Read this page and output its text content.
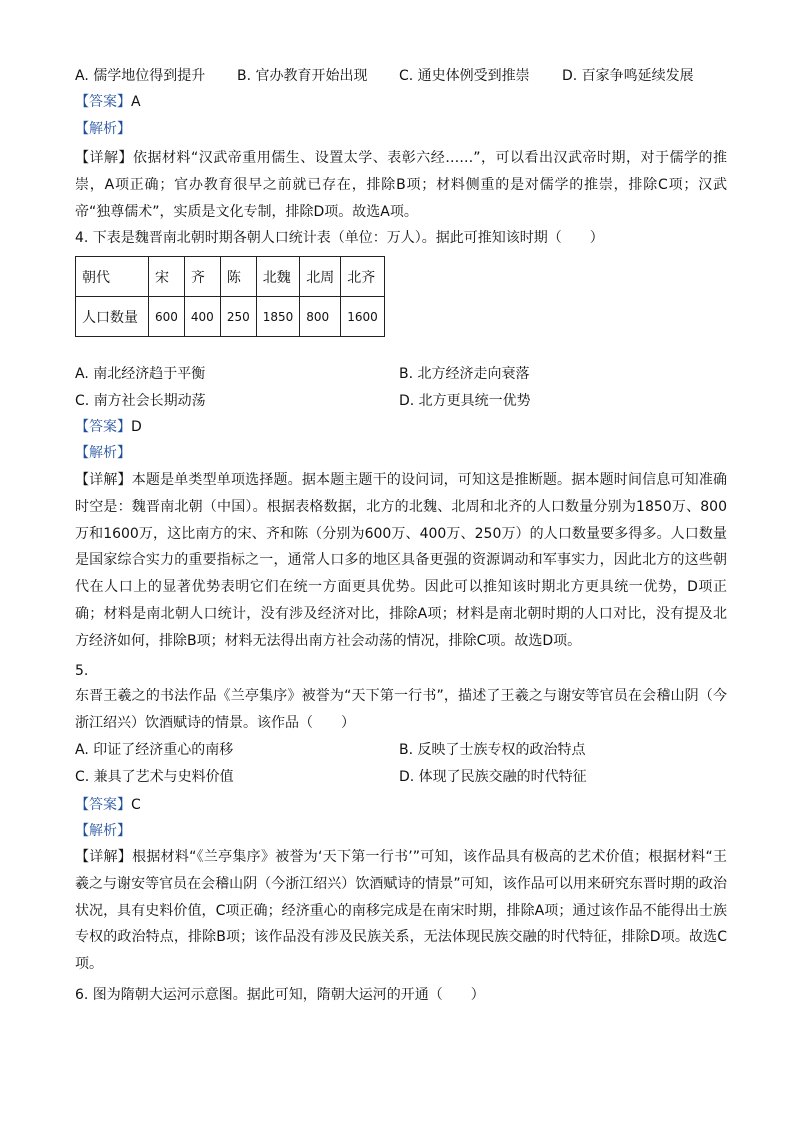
A. 儒学地位得到提升 B. 官办教育开始出现 C. 通史体例受到推崇 D. 百家争鸣延续发展
【答案】A
【解析】
【详解】依据材料“汉武帝重用儒生、设置太学、表彰六经……”，可以看出汉武帝时期，对于儒学的推崇，A项正确；官办教育很早之前就已存在，排除B项；材料侧重的是对儒学的推崇，排除C项；汉武帝“独尊儒术”，实质是文化专制，排除D项。故选A项。
4. 下表是魏晋南北朝时期各朝人口统计表（单位：万人）。据此可推知该时期（　　）
朝代	宋	齐	陈	北魏	北周	北齐
人口数量	600	400	250	1850	800	1600
A. 南北经济趋于平衡	B. 北方经济走向衰落
C. 南方社会长期动荡	D. 北方更具统一优势
【答案】D
【解析】
【详解】本题是单类型单项选择题。据本题主题干的设问词，可知这是推断题。据本题时间信息可知准确时空是：魏晋南北朝（中国）。根据表格数据，北方的北魏、北周和北齐的人口数量分别为1850万、800万和1600万，这比南方的宋、齐和陈（分别为600万、400万、250万）的人口数量要多得多。人口数量是国家综合实力的重要指标之一，通常人口多的地区具备更强的资源调动和军事实力，因此北方的这些朝代在人口上的显著优势表明它们在统一方面更具优势。因此可以推知该时期北方更具统一优势，D项正确；材料是南北朝人口统计，没有涉及经济对比，排除A项；材料是南北朝时期的人口对比，没有提及北方经济如何，排除B项；材料无法得出南方社会动荡的情况，排除C项。故选D项。
5.
东晋王羲之的书法作品《兰亭集序》被誉为“天下第一行书”，描述了王羲之与谢安等官员在会稽山阴（今浙江绍兴）饮酒赋诗的情景。该作品（　　）
A. 印证了经济重心的南移	B. 反映了士族专权的政治特点
C. 兼具了艺术与史料价值	D. 体现了民族交融的时代特征
【答案】C
【解析】
【详解】根据材料“《兰亭集序》被誉为‘天下第一行书’”可知，该作品具有极高的艺术价值；根据材料“王羲之与谢安等官员在会稽山阴（今浙江绍兴）饮酒赋诗的情景”可知，该作品可以用来研究东晋时期的政治状况，具有史料价值，C项正确；经济重心的南移完成是在南宋时期，排除A项；通过该作品不能得出士族专权的政治特点，排除B项；该作品没有涉及民族关系，无法体现民族交融的时代特征，排除D项。故选C项。
6. 图为隋朝大运河示意图。据此可知，隋朝大运河的开通（　　）
